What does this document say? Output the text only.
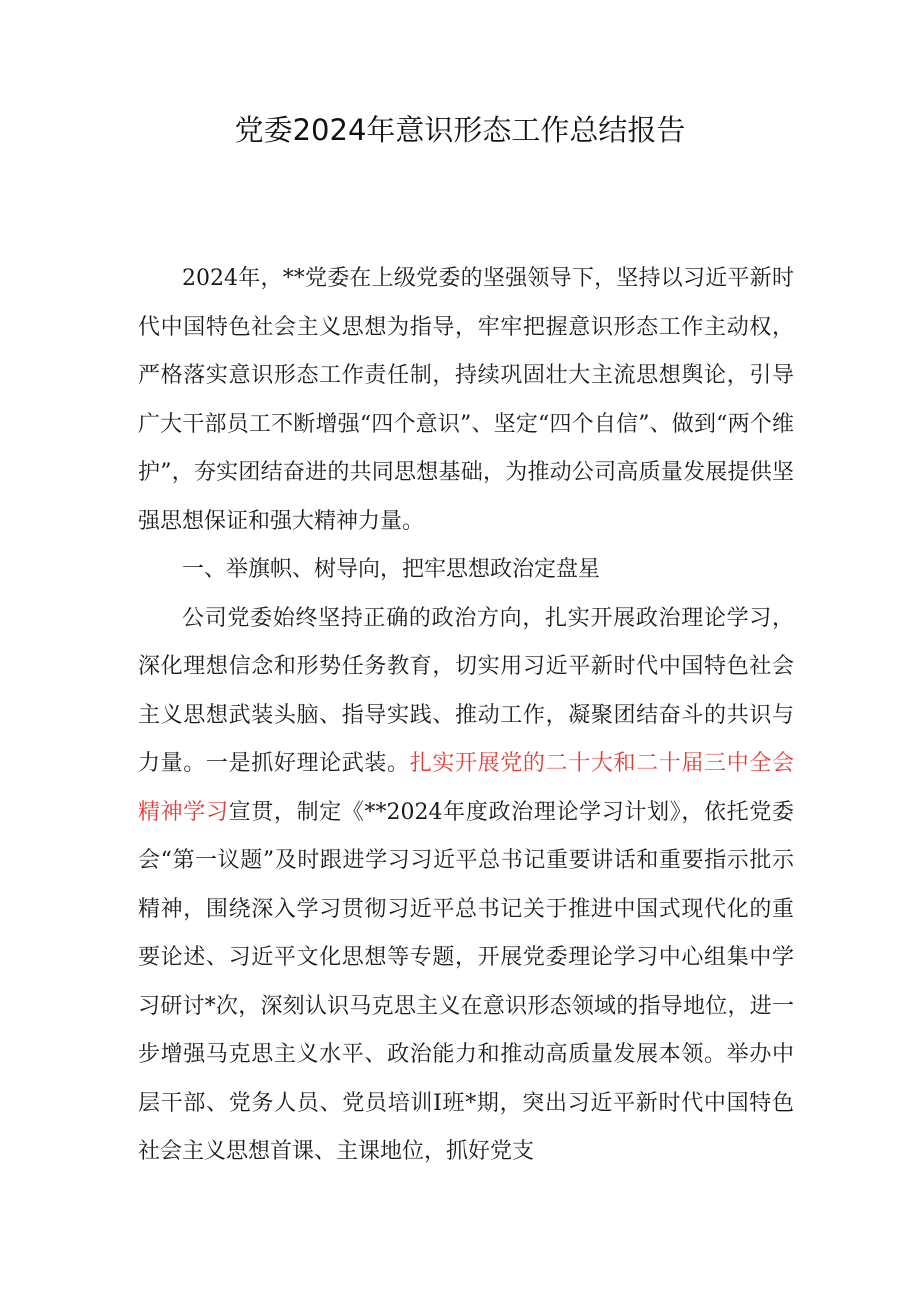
党委2024年意识形态工作总结报告

2024年，**党委在上级党委的坚强领导下，坚持以习近平新时代中国特色社会主义思想为指导，牢牢把握意识形态工作主动权，严格落实意识形态工作责任制，持续巩固壮大主流思想舆论，引导广大干部员工不断增强“四个意识”、坚定“四个自信”、做到“两个维护”，夯实团结奋进的共同思想基础，为推动公司高质量发展提供坚强思想保证和强大精神力量。

一、举旗帜、树导向，把牢思想政治定盘星

公司党委始终坚持正确的政治方向，扎实开展政治理论学习，深化理想信念和形势任务教育，切实用习近平新时代中国特色社会主义思想武装头脑、指导实践、推动工作，凝聚团结奋斗的共识与力量。一是抓好理论武装。扎实开展党的二十大和二十届三中全会精神学习宣贯，制定《**2024年度政治理论学习计划》，依托党委会“第一议题”及时跟进学习习近平总书记重要讲话和重要指示批示精神，围绕深入学习贯彻习近平总书记关于推进中国式现代化的重要论述、习近平文化思想等专题，开展党委理论学习中心组集中学习研讨*次，深刻认识马克思主义在意识形态领域的指导地位，进一步增强马克思主义水平、政治能力和推动高质量发展本领。举办中层干部、党务人员、党员培训I班*期，突出习近平新时代中国特色社会主义思想首课、主课地位，抓好党支
